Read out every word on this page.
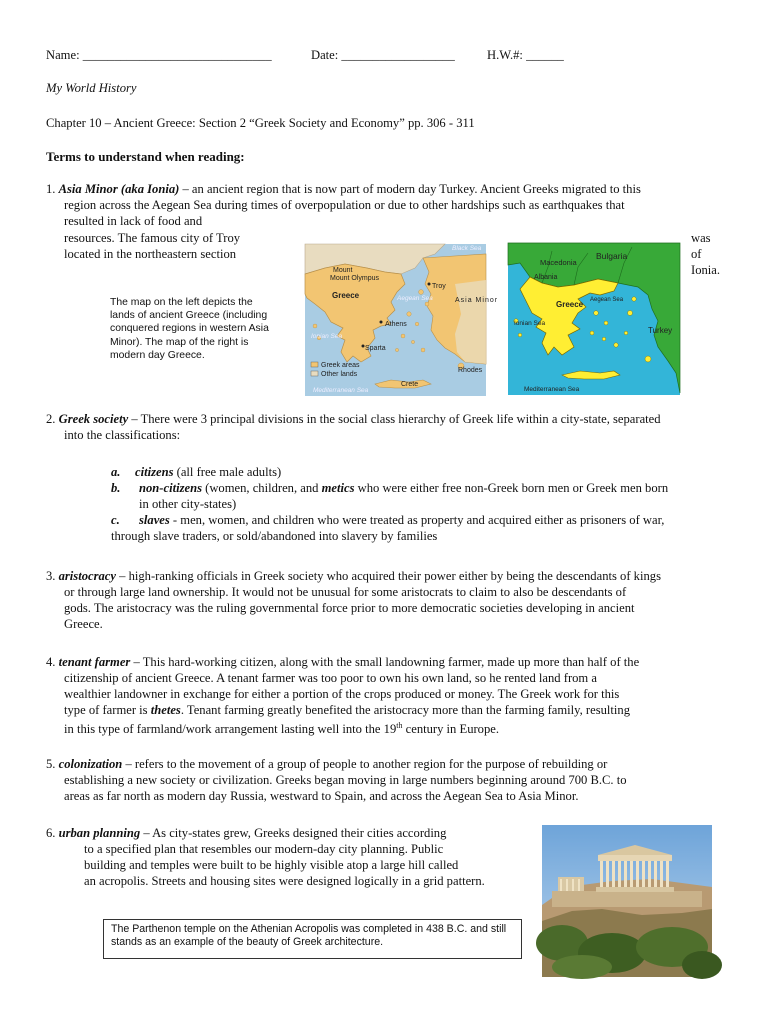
Name: ______________________________	Date: __________________	H.W.#: ______
My World History
Chapter 10 – Ancient Greece: Section 2 “Greek Society and Economy” pp. 306 - 311
Terms to understand when reading:
1. Asia Minor (aka Ionia) – an ancient region that is now part of modern day Turkey. Ancient Greeks migrated to this
region across the Aegean Sea during times of overpopulation or due to other hardships such as earthquakes that
resulted in lack of food and
resources. The famous city of Troy
located in the northeastern section
was
of
Ionia.
The map on the left depicts the lands of ancient Greece (including conquered regions in western Asia Minor). The map of the right is modern day Greece.
Black Sea
Mount
Mount Olympus
Troy
Greece	Aegean Sea	Asia Minor
Ionian Sea
Athens
Sparta
Rhodes
Crete
Mediterranean Sea
Greek areas
Other lands
Macedonia
Bulgaria
Albania
Greece Aegean Sea
Ionian Sea
Turkey
Mediterranean Sea
2. Greek society – There were 3 principal divisions in the social class hierarchy of Greek life within a city-state, separated
into the classifications:
a. citizens (all free male adults)
b. non-citizens (women, children, and metics who were either free non-Greek born men or Greek men born
in other city-states)
c. slaves - men, women, and children who were treated as property and acquired either as prisoners of war,
through slave traders, or sold/abandoned into slavery by families
3. aristocracy – high-ranking officials in Greek society who acquired their power either by being the descendants of kings
or through large land ownership. It would not be unusual for some aristocrats to claim to also be descendants of
gods. The aristocracy was the ruling governmental force prior to more democratic societies developing in ancient
Greece.
4. tenant farmer – This hard-working citizen, along with the small landowning farmer, made up more than half of the
citizenship of ancient Greece. A tenant farmer was too poor to own his own land, so he rented land from a
wealthier landowner in exchange for either a portion of the crops produced or money. The Greek work for this
type of farmer is thetes. Tenant farming greatly benefited the aristocracy more than the farming family, resulting
in this type of farmland/work arrangement lasting well into the 19th century in Europe.
5. colonization – refers to the movement of a group of people to another region for the purpose of rebuilding or
establishing a new society or civilization. Greeks began moving in large numbers beginning around 700 B.C. to
areas as far north as modern day Russia, westward to Spain, and across the Aegean Sea to Asia Minor.
6. urban planning – As city-states grew, Greeks designed their cities according
to a specified plan that resembles our modern-day city planning. Public
building and temples were built to be highly visible atop a large hill called
an acropolis. Streets and housing sites were designed logically in a grid pattern.
The Parthenon temple on the Athenian Acropolis was completed in 438 B.C. and still stands as an example of the beauty of Greek architecture.
